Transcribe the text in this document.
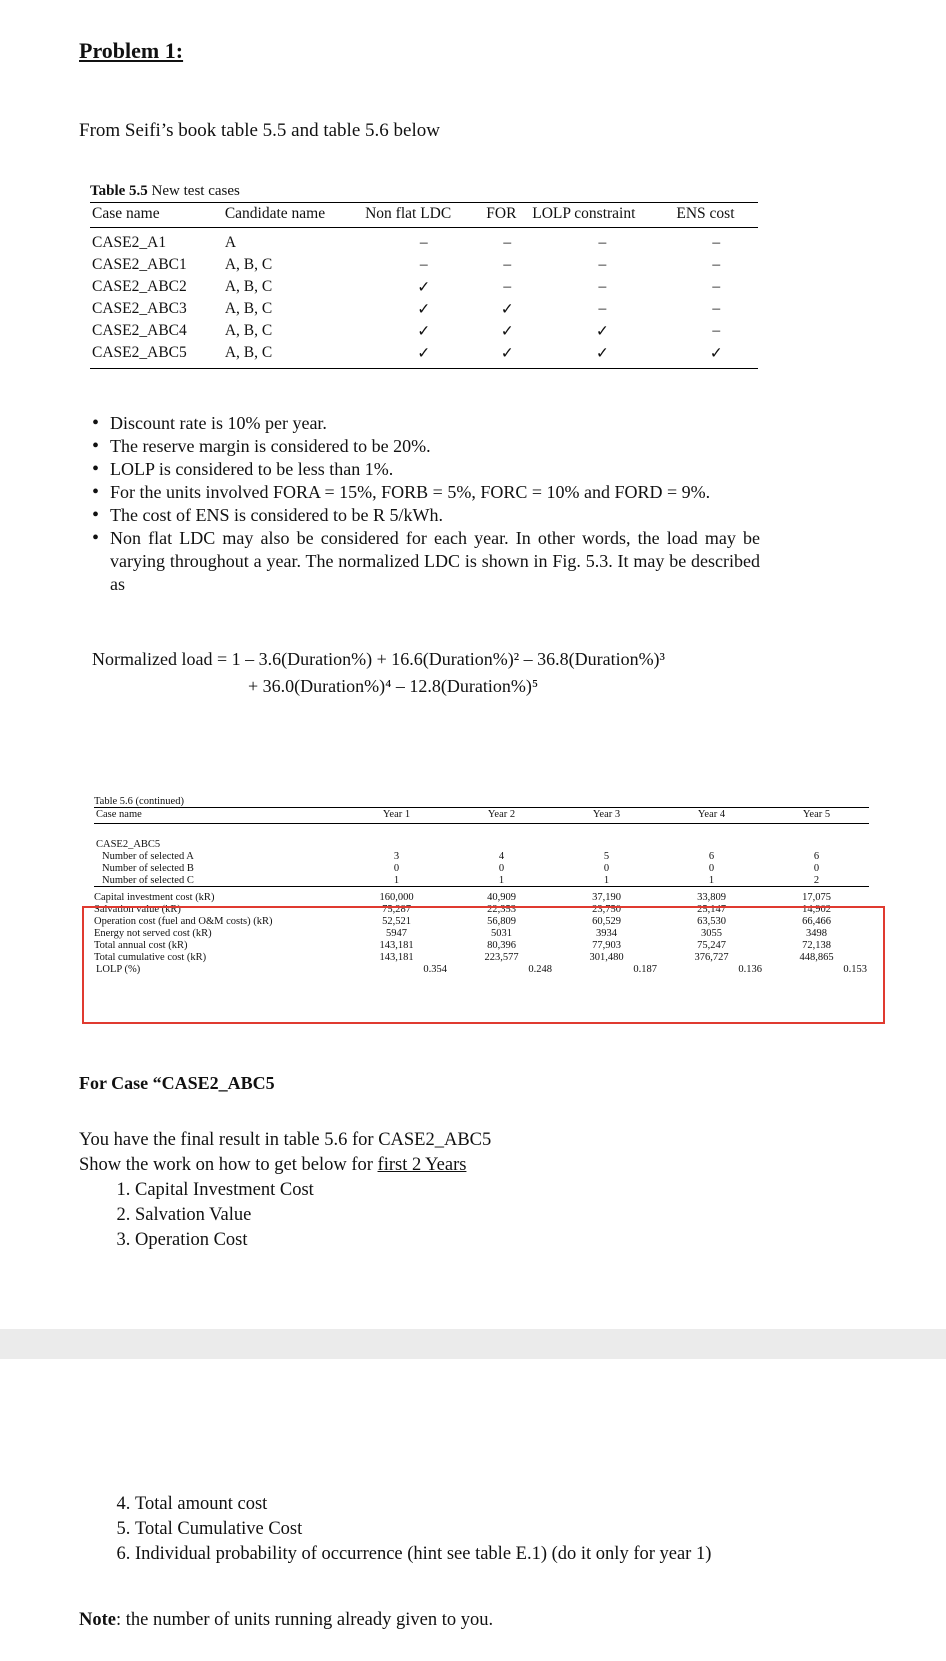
Problem 1:
From Seifi’s book table 5.5 and table 5.6 below
Table 5.5 New test cases
Case name	Candidate name	Non flat LDC	FOR	LOLP constraint	ENS cost
CASE2_A1	A	–	–	–	–
CASE2_ABC1	A, B, C	–	–	–	–
CASE2_ABC2	A, B, C	✓	–	–	–
CASE2_ABC3	A, B, C	✓	✓	–	–
CASE2_ABC4	A, B, C	✓	✓	✓	–
CASE2_ABC5	A, B, C	✓	✓	✓	✓
• Discount rate is 10% per year.
• The reserve margin is considered to be 20%.
• LOLP is considered to be less than 1%.
• For the units involved FORA = 15%, FORB = 5%, FORC = 10% and FORD = 9%.
• The cost of ENS is considered to be R 5/kWh.
• Non flat LDC may also be considered for each year. In other words, the load may be varying throughout a year. The normalized LDC is shown in Fig. 5.3. It may be described as
Normalized load = 1 – 3.6(Duration%) + 16.6(Duration%)² – 36.8(Duration%)³
+ 36.0(Duration%)⁴ – 12.8(Duration%)⁵
Table 5.6 (continued)
Case name	Year 1	Year 2	Year 3	Year 4	Year 5

CASE2_ABC5					
Number of selected A	3	4	5	6	6
Number of selected B	0	0	0	0	0
Number of selected C	1	1	1	1	2

Capital investment cost (kR)	160,000	40,909	37,190	33,809	17,075
Salvation value (kR)	75,287	22,353	23,750	25,147	14,902
Operation cost (fuel and O&M costs) (kR)	52,521	56,809	60,529	63,530	66,466
Energy not served cost (kR)	5947	5031	3934	3055	3498
Total annual cost (kR)	143,181	80,396	77,903	75,247	72,138
Total cumulative cost (kR)	143,181	223,577	301,480	376,727	448,865
LOLP (%)	0.354	0.248	0.187	0.136	0.153
For Case “CASE2_ABC5
You have the final result in table 5.6 for CASE2_ABC5
Show the work on how to get below for first 2 Years
1. Capital Investment Cost
2. Salvation Value
3. Operation Cost
4. Total amount cost
5. Total Cumulative Cost
6. Individual probability of occurrence (hint see table E.1) (do it only for year 1)
Note: the number of units running already given to you.
